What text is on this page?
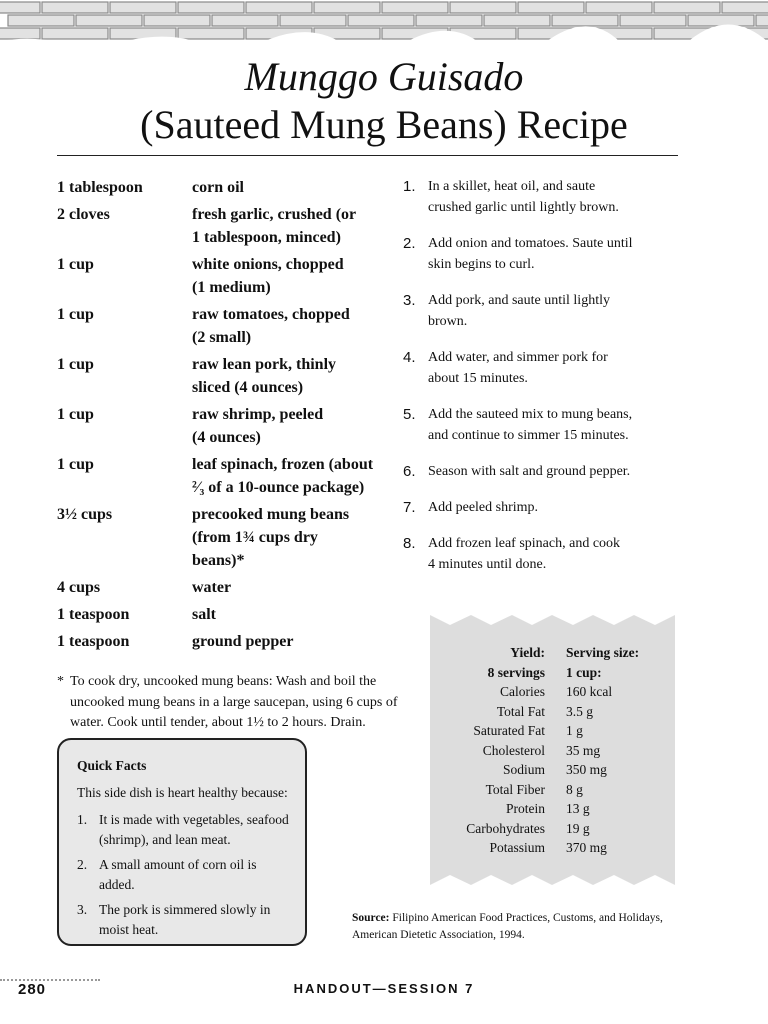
Munggo Guisado
(Sauteed Mung Beans) Recipe
1 tablespoon	corn oil
2 cloves	fresh garlic, crushed (or
1 tablespoon, minced)
1 cup	white onions, chopped
(1 medium)
1 cup	raw tomatoes, chopped
(2 small)
1 cup	raw lean pork, thinly
sliced (4 ounces)
1 cup	raw shrimp, peeled
(4 ounces)
1 cup	leaf spinach, frozen (about
²⁄₃ of a 10-ounce package)
3½ cups	precooked mung beans
(from 1¾ cups dry
beans)*
4 cups	water
1 teaspoon	salt
1 teaspoon	ground pepper
* To cook dry, uncooked mung beans: Wash and boil the uncooked mung beans in a large saucepan, using 6 cups of water. Cook until tender, about 1½ to 2 hours. Drain.
1. In a skillet, heat oil, and saute
crushed garlic until lightly brown.
2. Add onion and tomatoes. Saute until
skin begins to curl.
3. Add pork, and saute until lightly
brown.
4. Add water, and simmer pork for
about 15 minutes.
5. Add the sauteed mix to mung beans,
and continue to simmer 15 minutes.
6. Season with salt and ground pepper.
7. Add peeled shrimp.
8. Add frozen leaf spinach, and cook
4 minutes until done.
Yield: Serving size:
8 servings 1 cup:
Calories 160 kcal
Total Fat 3.5 g
Saturated Fat 1 g
Cholesterol 35 mg
Sodium 350 mg
Total Fiber 8 g
Protein 13 g
Carbohydrates 19 g
Potassium 370 mg
Quick Facts
This side dish is heart healthy because:
1. It is made with vegetables, seafood (shrimp), and lean meat.
2. A small amount of corn oil is added.
3. The pork is simmered slowly in moist heat.
Source: Filipino American Food Practices, Customs, and Holidays, American Dietetic Association, 1994.
280	HANDOUT—SESSION 7
